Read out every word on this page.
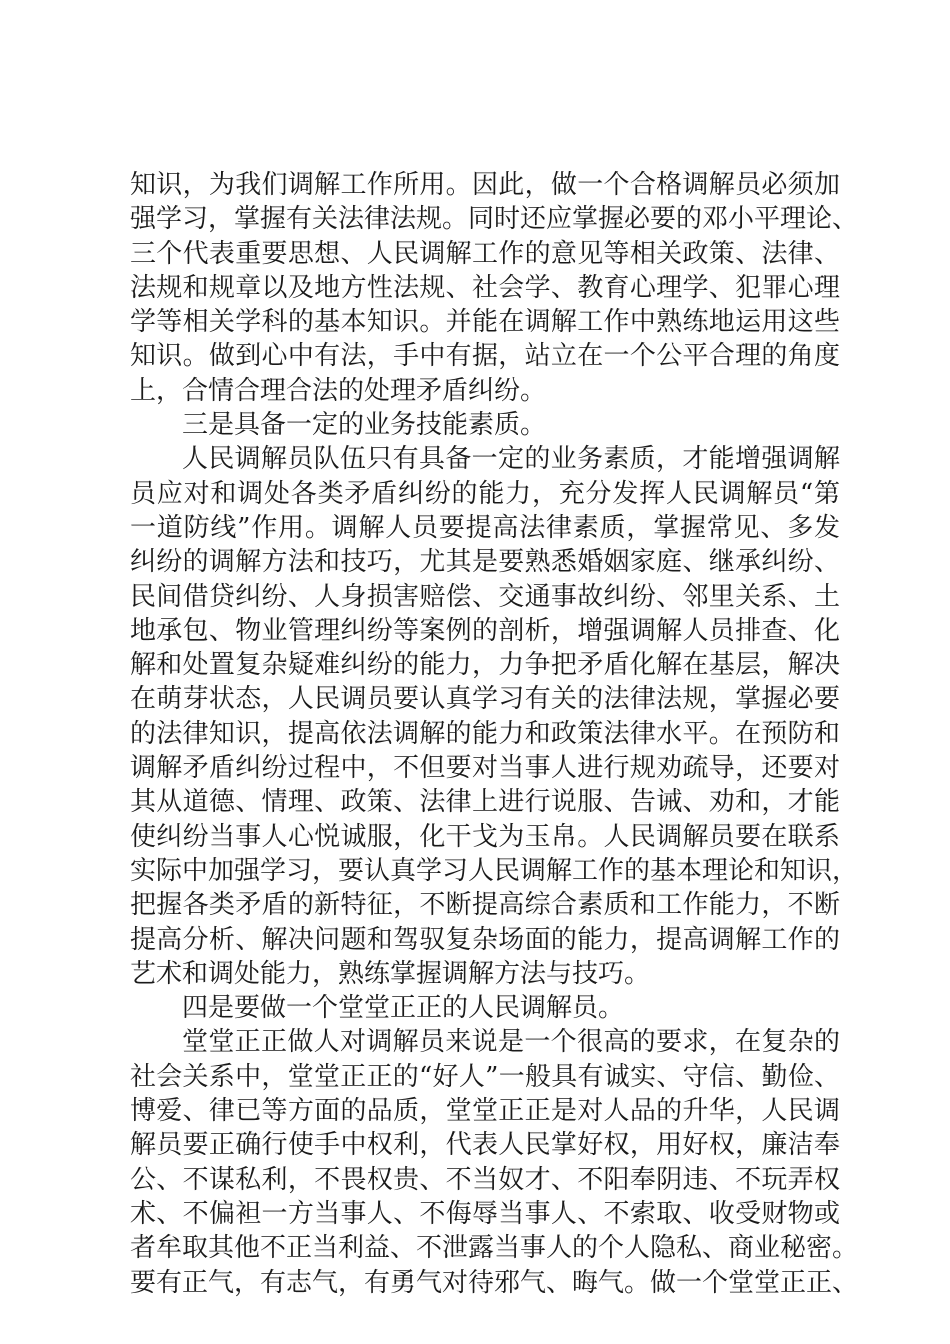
知识，为我们调解工作所用。因此，做一个合格调解员必须加
强学习，掌握有关法律法规。同时还应掌握必要的邓小平理论、
三个代表重要思想、人民调解工作的意见等相关政策、法律、
法规和规章以及地方性法规、社会学、教育心理学、犯罪心理
学等相关学科的基本知识。并能在调解工作中熟练地运用这些
知识。做到心中有法，手中有据，站立在一个公平合理的角度
上，合情合理合法的处理矛盾纠纷。
三是具备一定的业务技能素质。
人民调解员队伍只有具备一定的业务素质，才能增强调解
员应对和调处各类矛盾纠纷的能力，充分发挥人民调解员“第
一道防线”作用。调解人员要提高法律素质，掌握常见、多发
纠纷的调解方法和技巧，尤其是要熟悉婚姻家庭、继承纠纷、
民间借贷纠纷、人身损害赔偿、交通事故纠纷、邻里关系、土
地承包、物业管理纠纷等案例的剖析，增强调解人员排查、化
解和处置复杂疑难纠纷的能力，力争把矛盾化解在基层，解决
在萌芽状态，人民调员要认真学习有关的法律法规，掌握必要
的法律知识，提高依法调解的能力和政策法律水平。在预防和
调解矛盾纠纷过程中，不但要对当事人进行规劝疏导，还要对
其从道德、情理、政策、法律上进行说服、告诫、劝和，才能
使纠纷当事人心悦诚服，化干戈为玉帛。人民调解员要在联系
实际中加强学习，要认真学习人民调解工作的基本理论和知识，
把握各类矛盾的新特征，不断提高综合素质和工作能力，不断
提高分析、解决问题和驾驭复杂场面的能力，提高调解工作的
艺术和调处能力，熟练掌握调解方法与技巧。
四是要做一个堂堂正正的人民调解员。
堂堂正正做人对调解员来说是一个很高的要求，在复杂的
社会关系中，堂堂正正的“好人”一般具有诚实、守信、勤俭、
博爱、律已等方面的品质，堂堂正正是对人品的升华，人民调
解员要正确行使手中权利，代表人民掌好权，用好权，廉洁奉
公、不谋私利，不畏权贵、不当奴才、不阳奉阴违、不玩弄权
术、不偏袒一方当事人、不侮辱当事人、不索取、收受财物或
者牟取其他不正当利益、不泄露当事人的个人隐私、商业秘密。
要有正气，有志气，有勇气对待邪气、晦气。做一个堂堂正正、
